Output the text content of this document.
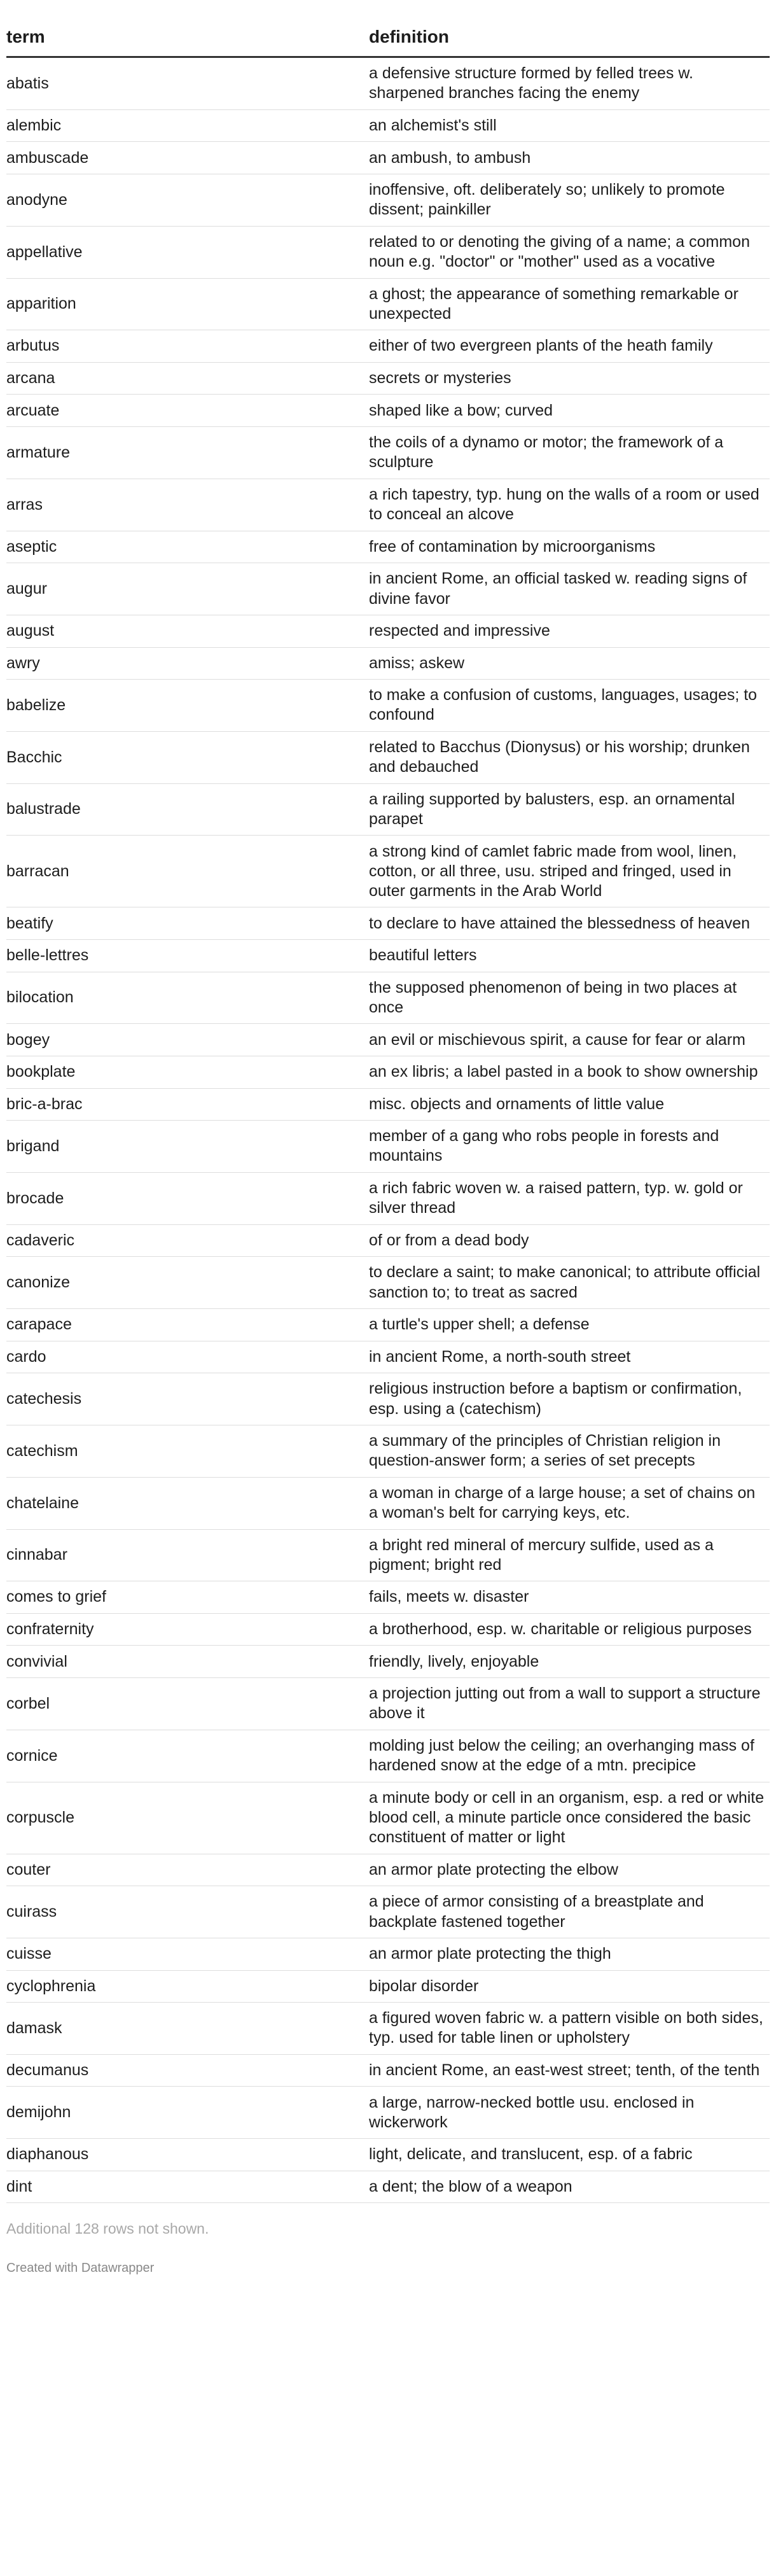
term	definition
abatis	a defensive structure formed by felled trees w. sharpened branches facing the enemy
alembic	an alchemist's still
ambuscade	an ambush, to ambush
anodyne	inoffensive, oft. deliberately so; unlikely to promote dissent; painkiller
appellative	related to or denoting the giving of a name; a common noun e.g. "doctor" or "mother" used as a vocative
apparition	a ghost; the appearance of something remarkable or unexpected
arbutus	either of two evergreen plants of the heath family
arcana	secrets or mysteries
arcuate	shaped like a bow; curved
armature	the coils of a dynamo or motor; the framework of a sculpture
arras	a rich tapestry, typ. hung on the walls of a room or used to conceal an alcove
aseptic	free of contamination by microorganisms
augur	in ancient Rome, an official tasked w. reading signs of divine favor
august	respected and impressive
awry	amiss; askew
babelize	to make a confusion of customs, languages, usages; to confound
Bacchic	related to Bacchus (Dionysus) or his worship; drunken and debauched
balustrade	a railing supported by balusters, esp. an ornamental parapet
barracan	a strong kind of camlet fabric made from wool, linen, cotton, or all three, usu. striped and fringed, used in outer garments in the Arab World
beatify	to declare to have attained the blessedness of heaven
belle-lettres	beautiful letters
bilocation	the supposed phenomenon of being in two places at once
bogey	an evil or mischievous spirit, a cause for fear or alarm
bookplate	an ex libris; a label pasted in a book to show ownership
bric-a-brac	misc. objects and ornaments of little value
brigand	member of a gang who robs people in forests and mountains
brocade	a rich fabric woven w. a raised pattern, typ. w. gold or silver thread
cadaveric	of or from a dead body
canonize	to declare a saint; to make canonical; to attribute official sanction to; to treat as sacred
carapace	a turtle's upper shell; a defense
cardo	in ancient Rome, a north-south street
catechesis	religious instruction before a baptism or confirmation, esp. using a (catechism)
catechism	a summary of the principles of Christian religion in question-answer form; a series of set precepts
chatelaine	a woman in charge of a large house; a set of chains on a woman's belt for carrying keys, etc.
cinnabar	a bright red mineral of mercury sulfide, used as a pigment; bright red
comes to grief	fails, meets w. disaster
confraternity	a brotherhood, esp. w. charitable or religious purposes
convivial	friendly, lively, enjoyable
corbel	a projection jutting out from a wall to support a structure above it
cornice	molding just below the ceiling; an overhanging mass of hardened snow at the edge of a mtn. precipice
corpuscle	a minute body or cell in an organism, esp. a red or white blood cell, a minute particle once considered the basic constituent of matter or light
couter	an armor plate protecting the elbow
cuirass	a piece of armor consisting of a breastplate and backplate fastened together
cuisse	an armor plate protecting the thigh
cyclophrenia	bipolar disorder
damask	a figured woven fabric w. a pattern visible on both sides, typ. used for table linen or upholstery
decumanus	in ancient Rome, an east-west street; tenth, of the tenth
demijohn	a large, narrow-necked bottle usu. enclosed in wickerwork
diaphanous	light, delicate, and translucent, esp. of a fabric
dint	a dent; the blow of a weapon
Additional 128 rows not shown.
Created with Datawrapper
